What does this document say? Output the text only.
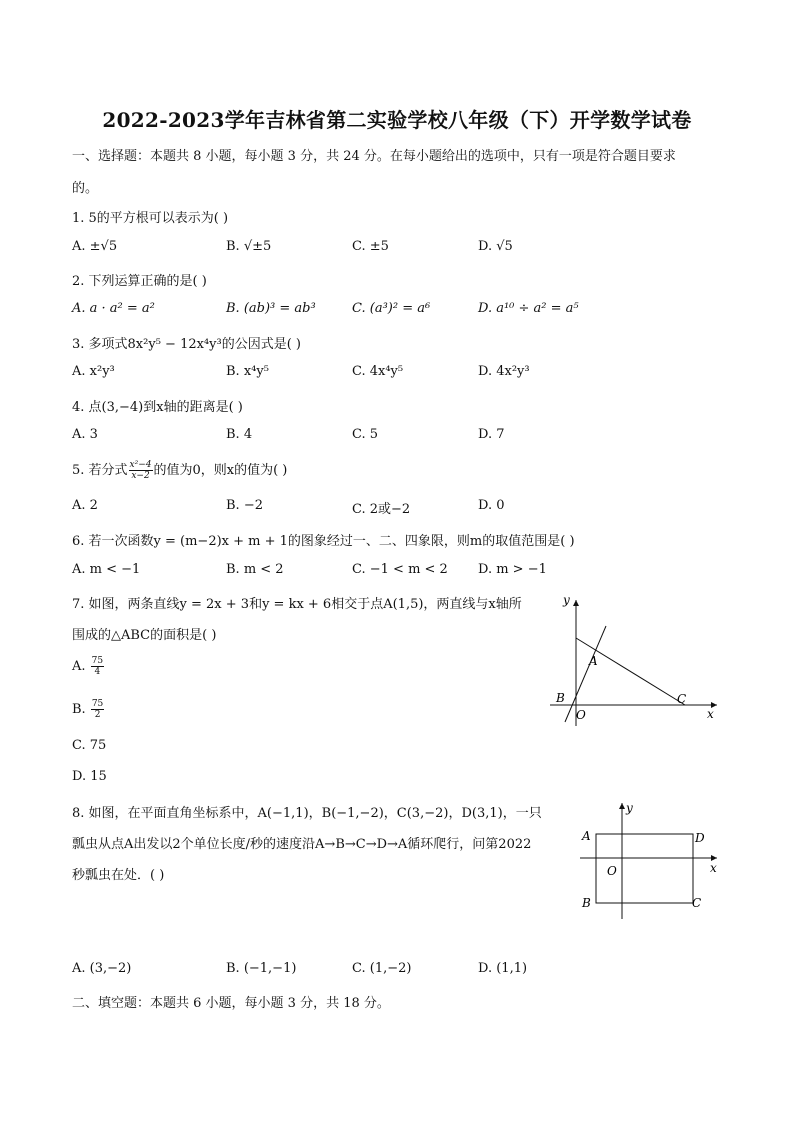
2022-2023学年吉林省第二实验学校八年级（下）开学数学试卷
一、选择题：本题共 8 小题，每小题 3 分，共 24 分。在每小题给出的选项中，只有一项是符合题目要求
的。
1. 5的平方根可以表示为( )
A. ±√5	B. √±5	C. ±5	D. √5
2. 下列运算正确的是( )
A. a · a² = a²	B. (ab)³ = ab³	C. (a³)² = a⁶	D. a¹⁰ ÷ a² = a⁵
3. 多项式8x²y⁵ − 12x⁴y³的公因式是( )
A. x²y³	B. x⁴y⁵	C. 4x⁴y⁵	D. 4x²y³
4. 点(3,−4)到x轴的距离是( )
A. 3	B. 4	C. 5	D. 7
5. 若分式 $\frac{\text{x²−4}}{x-2}$ 的值为0，则x的值为( )
A. 2	B. −2	C. 2或−2	D. 0
6. 若一次函数y = (m−2)x + m + 1的图象经过一、二、四象限，则m的取值范围是( )
A. m < −1	B. m < 2	C. −1 < m < 2 D. m > −1
7. 如图，两条直线y = 2x + 3和y = kx + 6相交于点A(1,5)，两直线与x轴所
围成的△ABC的面积是( )
A. $\frac{75}{4}$
B. $\frac{75}{2}$
C. 75
D. 15
y
A
B	C
O	x
8. 如图，在平面直角坐标系中，A(−1,1)，B(−1,−2)，C(3,−2)，D(3,1)，一只
瓢虫从点A出发以2个单位长度/秒的速度沿A→B→C→D→A循环爬行，问第2022
秒瓢虫在处．( )
y
A	D
O	x
B	C
A. (3,−2)	B. (−1,−1)	C. (1,−2)	D. (1,1)
二、填空题：本题共 6 小题，每小题 3 分，共 18 分。
